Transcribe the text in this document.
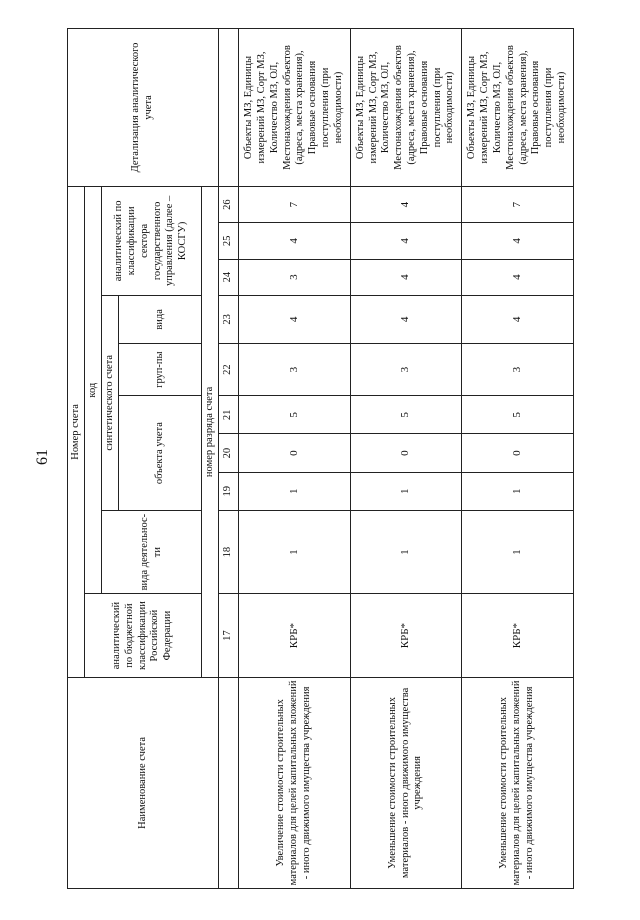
61
Наименование счета	Номер счета										Детализация аналитического учета
	аналитический по бюджетной классификации Российской Федерации	код									
		вида деятельнос-ти	синтетического счета					аналитический по классификации сектора государственного управления (далее – КОСГУ)			
			объекта учета			груп-пы	вида				
	номер разряда счета										
	17	18	19	20	21	22	23	24	25	26	
Увеличение стоимости строительных материалов для целей капитальных вложений - иного движимого имущества учреждения	КРБ*	1	1	0	5	3	4	3	4	7	Объекты МЗ, Единицы измерений МЗ, Сорт МЗ, Количество МЗ, ОЛ, Местонахождения объектов (адреса, места хранения), Правовые основания поступления (при необходимости)
Уменьшение стоимости строительных материалов - иного движимого имущества учреждения	КРБ*	1	1	0	5	3	4	4	4	4	Объекты МЗ, Единицы измерений МЗ, Сорт МЗ, Количество МЗ, ОЛ, Местонахождения объектов (адреса, места хранения), Правовые основания поступления (при необходимости)
Уменьшение стоимости строительных материалов для целей капитальных вложений - иного движимого имущества учреждения	КРБ*	1	1	0	5	3	4	4	4	7	Объекты МЗ, Единицы измерений МЗ, Сорт МЗ, Количество МЗ, ОЛ, Местонахождения объектов (адреса, места хранения), Правовые основания поступления (при необходимости)
